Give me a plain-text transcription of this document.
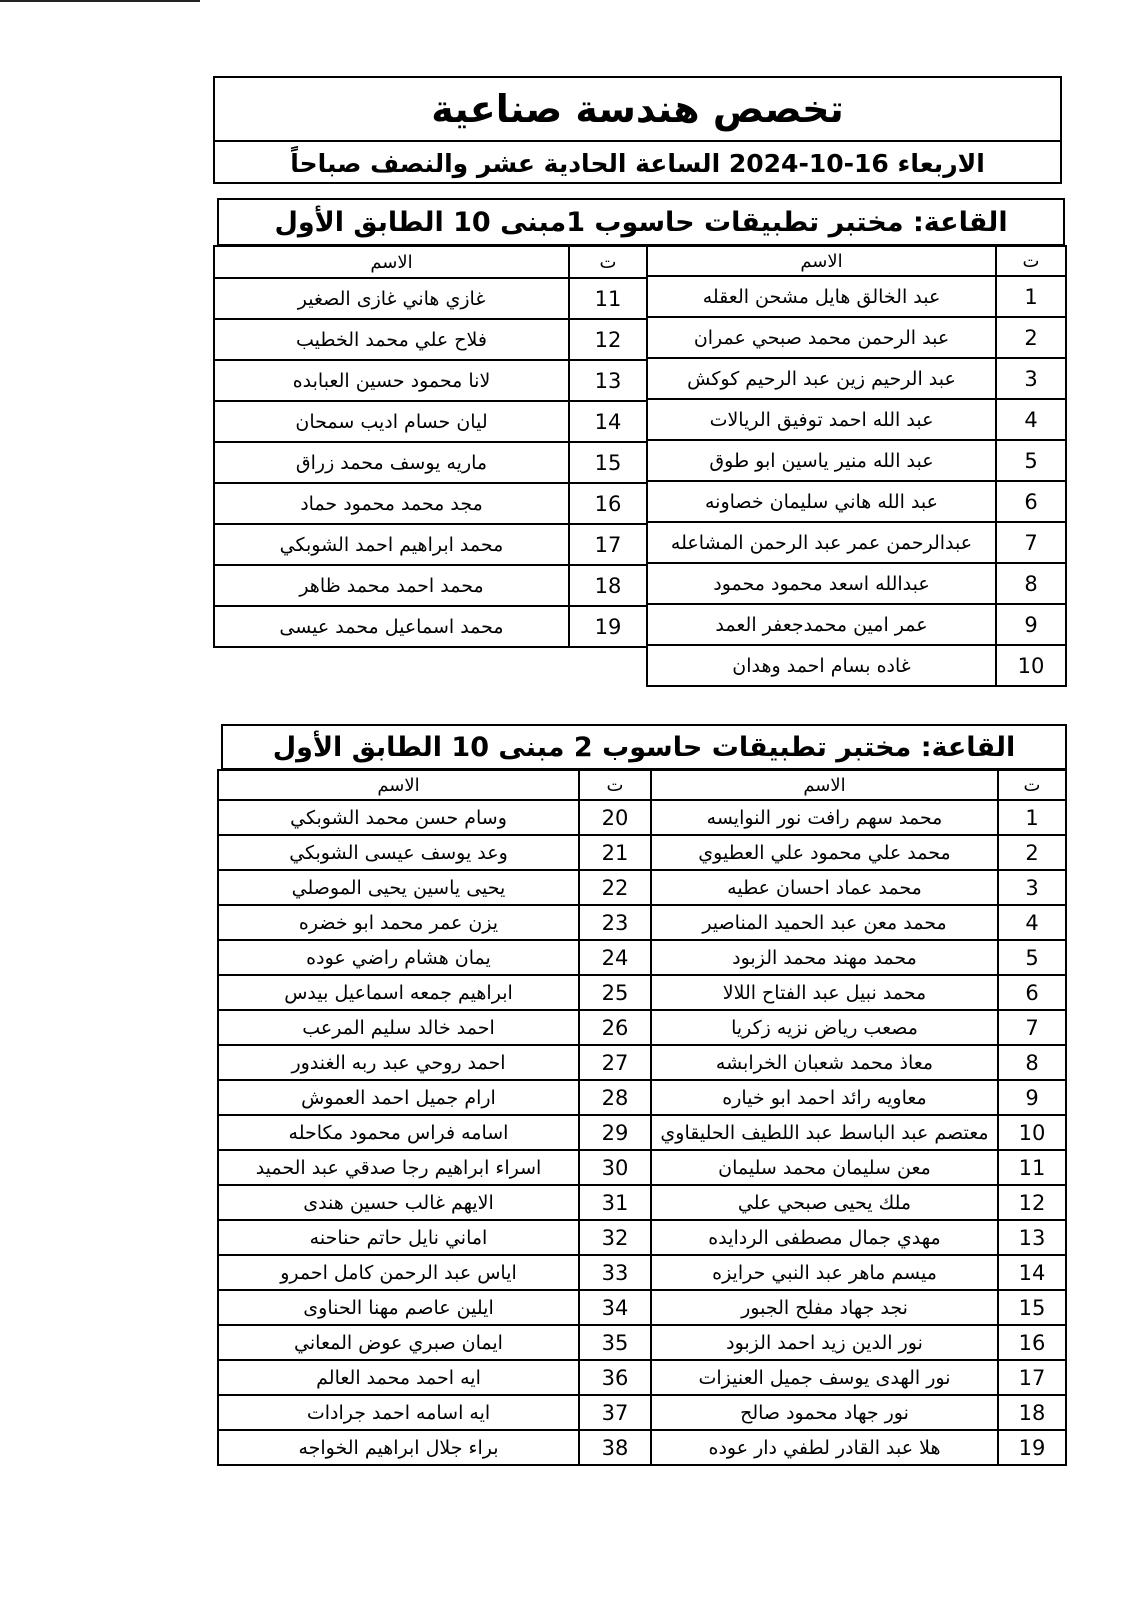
تخصص هندسة صناعية
الاربعاء 16-10-2024 الساعة الحادية عشر والنصف صباحاً
القاعة: مختبر تطبيقات حاسوب 1مبنى 10 الطابق الأول
ت	الاسم
1	عبد الخالق هايل مشحن العقله
2	عبد الرحمن محمد صبحي عمران
3	عبد الرحيم زين عبد الرحيم كوكش
4	عبد الله احمد توفيق الريالات
5	عبد الله منير ياسين ابو طوق
6	عبد الله هاني سليمان خصاونه
7	عبدالرحمن عمر عبد الرحمن المشاعله
8	عبدالله اسعد محمود محمود
9	عمر امين محمدجعفر العمد
10	غاده بسام احمد وهدان
ت	الاسم
11	غازي هاني غازى الصغير
12	فلاح علي محمد الخطيب
13	لانا محمود حسين العبابده
14	ليان حسام اديب سمحان
15	ماريه يوسف محمد زراق
16	مجد محمد محمود حماد
17	محمد ابراهيم احمد الشوبكي
18	محمد احمد محمد ظاهر
19	محمد اسماعيل محمد عيسى
القاعة: مختبر تطبيقات حاسوب 2 مبنى 10 الطابق الأول
ت	الاسم
1	محمد سهم رافت نور النوايسه
2	محمد علي محمود علي العطيوي
3	محمد عماد احسان عطيه
4	محمد معن عبد الحميد المناصير
5	محمد مهند محمد الزبود
6	محمد نبيل عبد الفتاح اللالا
7	مصعب رياض نزيه زكريا
8	معاذ محمد شعبان الخرابشه
9	معاويه رائد احمد ابو خياره
10	معتصم عبد الباسط عبد اللطيف الحليقاوي
11	معن سليمان محمد سليمان
12	ملك يحيى صبحي علي
13	مهدي جمال مصطفى الردايده
14	ميسم ماهر عبد النبي حرايزه
15	نجد جهاد مفلح الجبور
16	نور الدين زيد احمد الزبود
17	نور الهدى يوسف جميل العنيزات
18	نور جهاد محمود صالح
19	هلا عبد القادر لطفي دار عوده
ت	الاسم
20	وسام حسن محمد الشوبكي
21	وعد يوسف عيسى الشوبكي
22	يحيى ياسين يحيى الموصلي
23	يزن عمر محمد ابو خضره
24	يمان هشام راضي عوده
25	ابراهيم جمعه اسماعيل بيدس
26	احمد خالد سليم المرعب
27	احمد روحي عبد ربه الغندور
28	ارام جميل احمد العموش
29	اسامه فراس محمود مكاحله
30	اسراء ابراهيم رجا صدقي عبد الحميد
31	الايهم غالب حسين هندى
32	اماني نايل حاتم حناحنه
33	اياس عبد الرحمن كامل احمرو
34	ايلين عاصم مهنا الحناوى
35	ايمان صبري عوض المعاني
36	ايه احمد محمد العالم
37	ايه اسامه احمد جرادات
38	براء جلال ابراهيم الخواجه
